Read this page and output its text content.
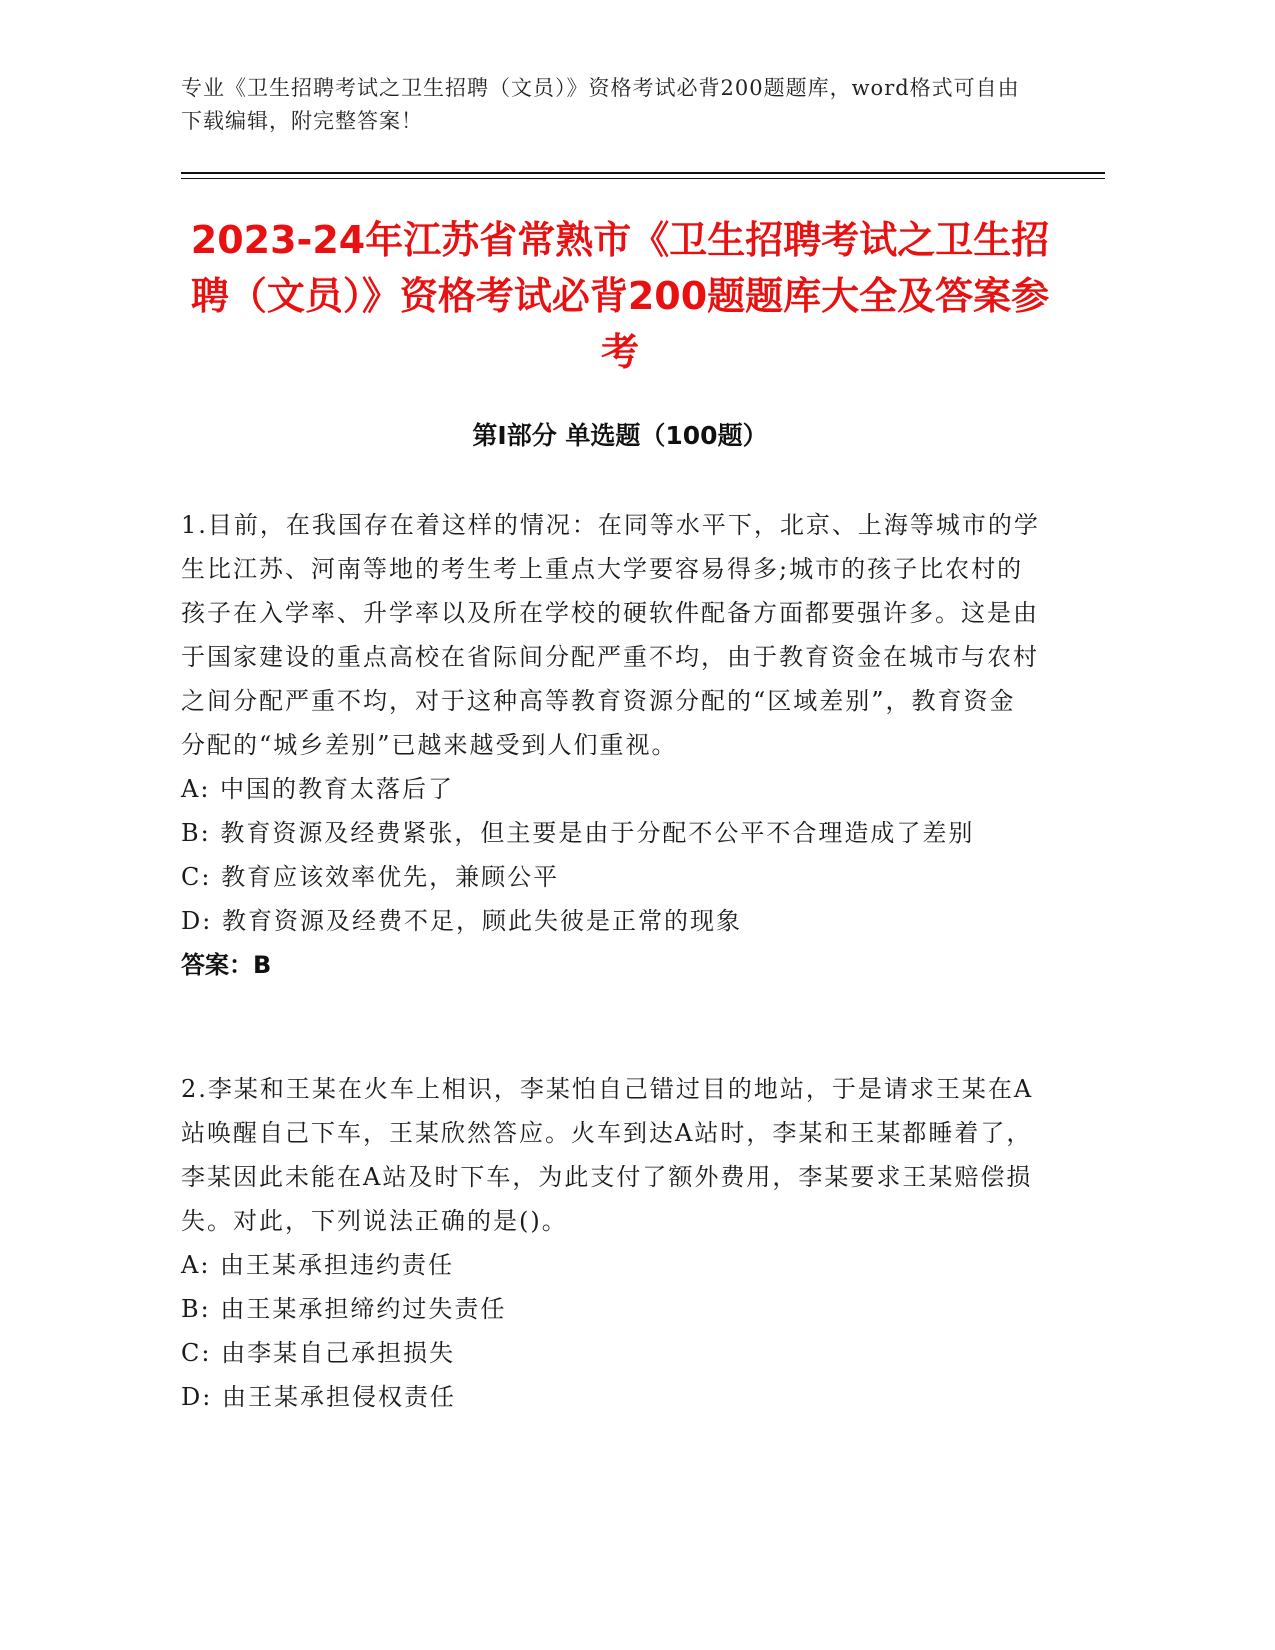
专业《卫生招聘考试之卫生招聘（文员）》资格考试必背200题题库，word格式可自由下载编辑，附完整答案！
2023-24年江苏省常熟市《卫生招聘考试之卫生招聘（文员）》资格考试必背200题题库大全及答案参考
第I部分 单选题（100题）

1.目前，在我国存在着这样的情况：在同等水平下，北京、上海等城市的学生比江苏、河南等地的考生考上重点大学要容易得多;城市的孩子比农村的孩子在入学率、升学率以及所在学校的硬软件配备方面都要强许多。这是由于国家建设的重点高校在省际间分配严重不均，由于教育资金在城市与农村之间分配严重不均，对于这种高等教育资源分配的“区域差别”，教育资金分配的“城乡差别”已越来越受到人们重视。

A: 中国的教育太落后了

B: 教育资源及经费紧张，但主要是由于分配不公平不合理造成了差别

C: 教育应该效率优先，兼顾公平

D: 教育资源及经费不足，顾此失彼是正常的现象

答案：B

2.李某和王某在火车上相识，李某怕自己错过目的地站，于是请求王某在A站唤醒自己下车，王某欣然答应。火车到达A站时，李某和王某都睡着了，李某因此未能在A站及时下车，为此支付了额外费用，李某要求王某赔偿损失。对此，下列说法正确的是()。

A: 由王某承担违约责任

B: 由王某承担缔约过失责任

C: 由李某自己承担损失

D: 由王某承担侵权责任
